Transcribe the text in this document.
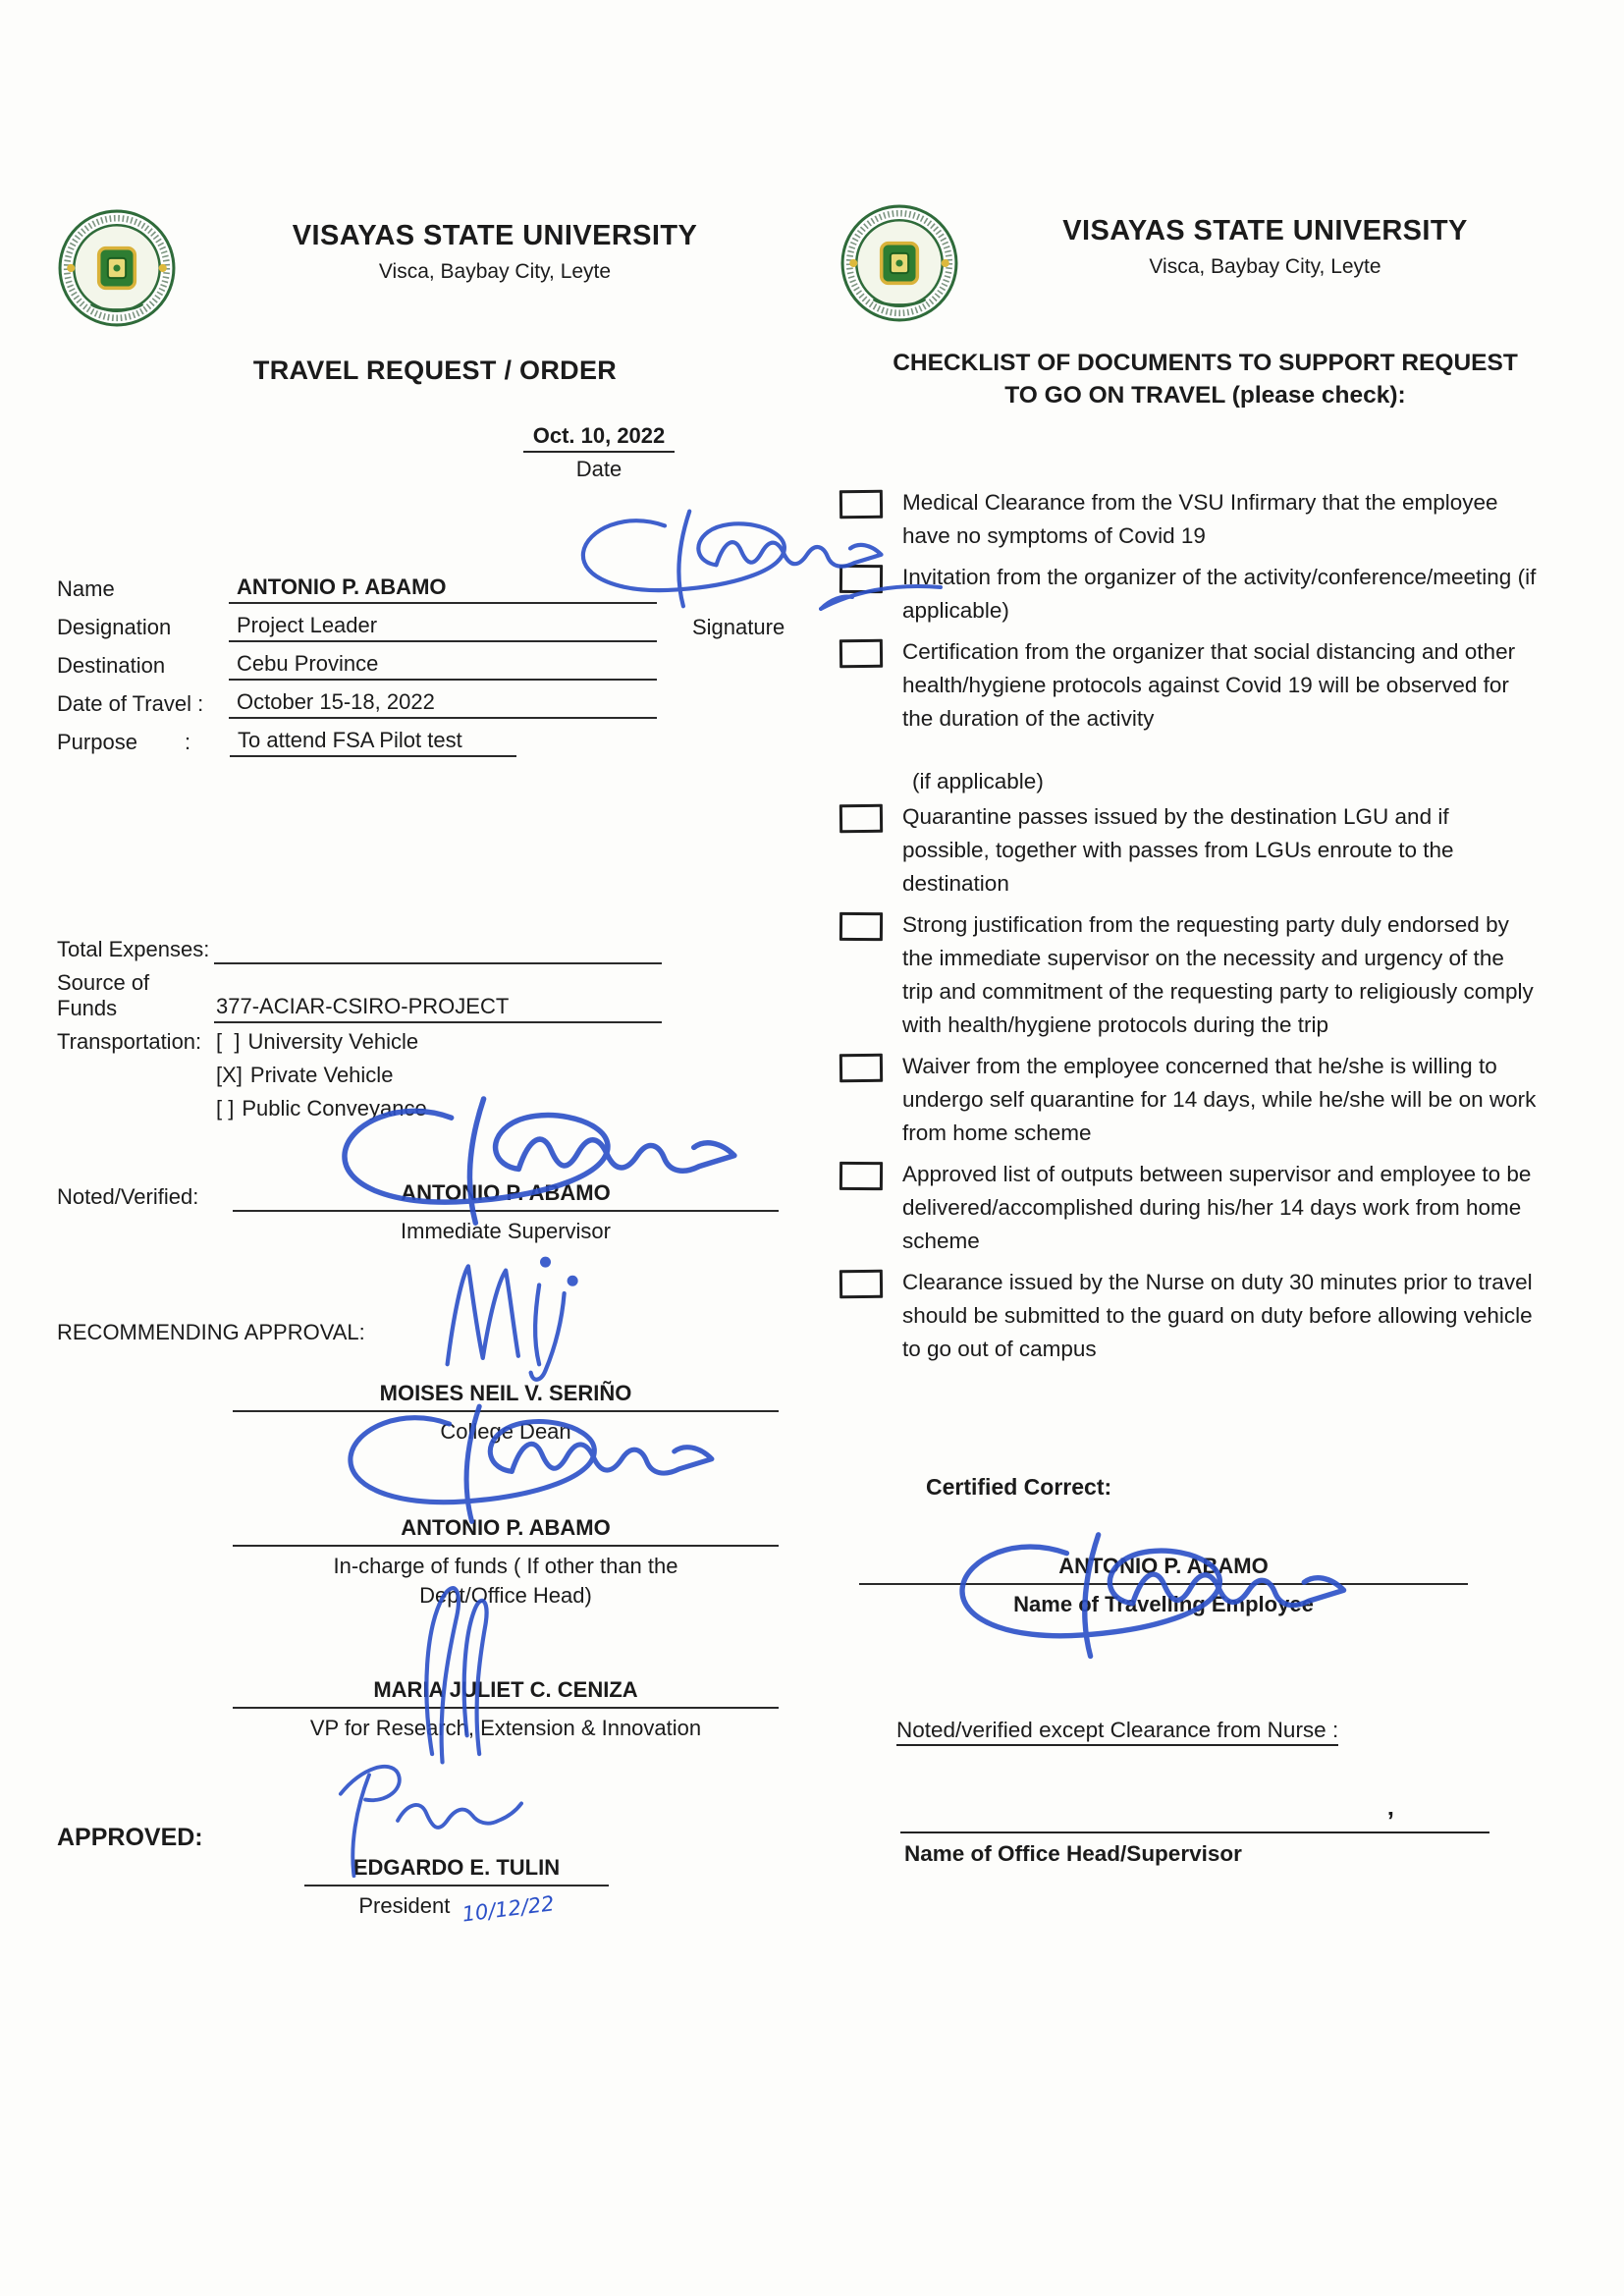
VISAYAS STATE UNIVERSITY
Visca, Baybay City, Leyte
TRAVEL REQUEST / ORDER
Oct. 10, 2022
Date
Name	ANTONIO P. ABAMO
Designation	Project Leader	Signature
Destination	Cebu Province
Date of Travel :	October 15-18, 2022
Purpose	:	To attend FSA Pilot test
Total Expenses:
Source of Funds	377-ACIAR-CSIRO-PROJECT
Transportation: [  ] University Vehicle
[X] Private Vehicle
[ ] Public Conveyance
Noted/Verified:	ANTONIO P. ABAMO
Immediate Supervisor
RECOMMENDING APPROVAL:
MOISES NEIL V. SERIÑO
College Dean
ANTONIO P. ABAMO
In-charge of funds ( If other than the
Dept/Office Head)
MARIA JULIET C. CENIZA
VP for Research, Extension & Innovation
APPROVED:
EDGARDO E. TULIN
President 10/12/22
VISAYAS STATE UNIVERSITY
Visca, Baybay City, Leyte
CHECKLIST OF DOCUMENTS TO SUPPORT REQUEST
TO GO ON TRAVEL (please check):
Medical Clearance from the VSU Infirmary that the employee have no symptoms of Covid 19
Invitation from the organizer of the activity/conference/meeting (if applicable)
Certification from the organizer that social distancing and other health/hygiene protocols against Covid 19 will be observed for the duration of the activity
(if applicable)
Quarantine passes issued by the destination LGU and if possible, together with passes from LGUs enroute to the destination
Strong justification from the requesting party duly endorsed by the immediate supervisor on the necessity and urgency of the trip and commitment of the requesting party to religiously comply with health/hygiene protocols during the trip
Waiver from the employee concerned that he/she is willing to undergo self quarantine for 14 days, while he/she will be on work from home scheme
Approved list of outputs between supervisor and employee to be delivered/accomplished during his/her 14 days work from home scheme
Clearance issued by the Nurse on duty 30 minutes prior to travel should be submitted to the guard on duty before allowing vehicle to go out of campus
Certified Correct:
ANTONIO P. ABAMO
Name of Travelling Employee
Noted/verified except Clearance from Nurse :
’
Name of Office Head/Supervisor
